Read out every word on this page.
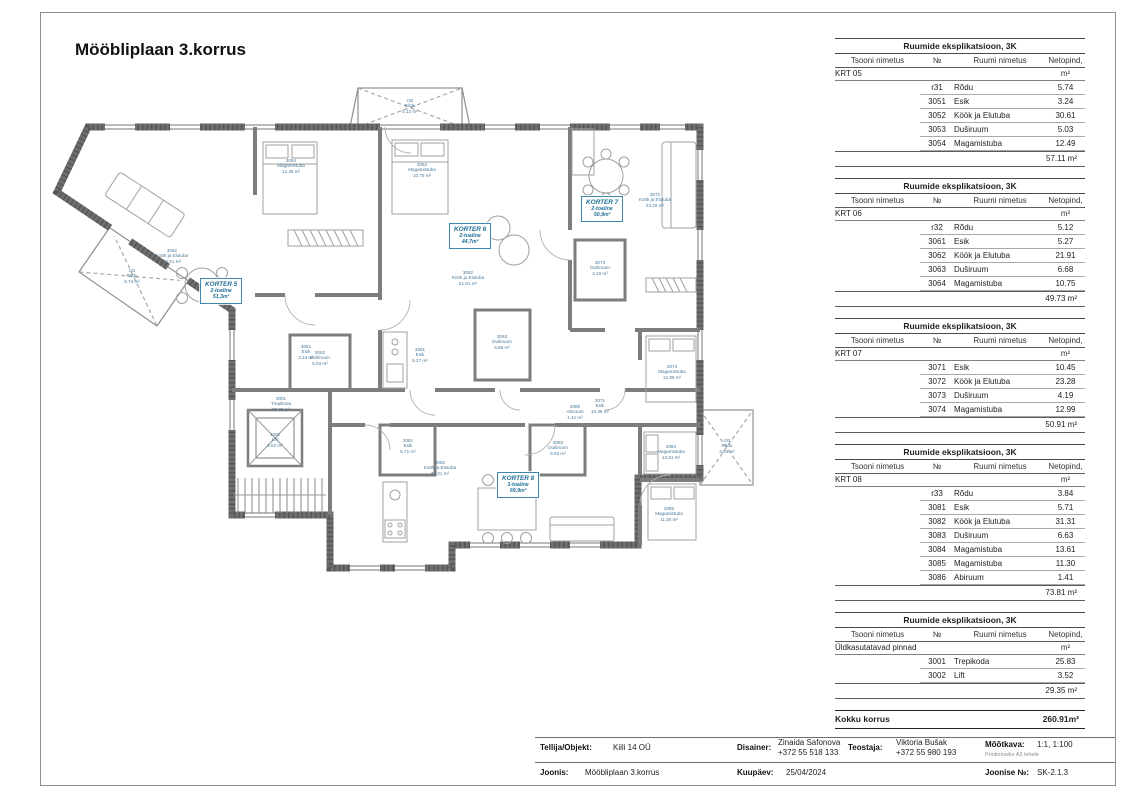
Mööbliplaan 3.korrus
KORTER 5
2-toaline
51,3m²
KORTER 6
2-toaline
44,7m²
KORTER 7
2-toaline
50,9m²
KORTER 8
3-toaline
69,9m²
r31
Rõdu
5.74 m²
3052
Köök ja Elutuba
30.61 m²
3054
Magamistuba
12.49 m²
3051
Esik
3.24 m²
3053
Duširuum
5.03 m²
r32
Rõdu
5.12 m²
3064
Magamistuba
10.75 m²
3062
Köök ja Elutuba
21.91 m²
3061
Esik
5.27 m²
3063
Duširuum
6.68 m²
3072
Köök ja Elutuba
23.28 m²
3073
Duširuum
4.19 m²
3071
Esik
10.45 m²
3074
Magamistuba
12.99 m²
3084
Magamistuba
13.61 m²
3085
Magamistuba
11.30 m²
3082
Köök ja Elutuba
31.31 m²
3081
Esik
5.71 m²
3083
Duširuum
6.63 m²
3086
Abiruum
1.41 m²
3001
Trepikoda
25.83 m²
3002
Lift
3.52 m²
r33
Rõdu
3.84 m²
Ruumide eksplikatsioon, 3K
Tsooni nimetus	№	Ruumi nimetus	Netopind, m²
KRT 05
r31	Rõdu	5.74
3051	Esik	3.24
3052	Köök ja Elutuba	30.61
3053	Duširuum	5.03
3054	Magamistuba	12.49
57.11 m²
Ruumide eksplikatsioon, 3K
Tsooni nimetus	№	Ruumi nimetus	Netopind, m²
KRT 06
r32	Rõdu	5.12
3061	Esik	5.27
3062	Köök ja Elutuba	21.91
3063	Duširuum	6.68
3064	Magamistuba	10.75
49.73 m²
Ruumide eksplikatsioon, 3K
Tsooni nimetus	№	Ruumi nimetus	Netopind, m²
KRT 07
3071	Esik	10.45
3072	Köök ja Elutuba	23.28
3073	Duširuum	4.19
3074	Magamistuba	12.99
50.91 m²
Ruumide eksplikatsioon, 3K
Tsooni nimetus	№	Ruumi nimetus	Netopind, m²
KRT 08
r33	Rõdu	3.84
3081	Esik	5.71
3082	Köök ja Elutuba	31.31
3083	Duširuum	6.63
3084	Magamistuba	13.61
3085	Magamistuba	11.30
3086	Abiruum	1.41
73.81 m²
Ruumide eksplikatsioon, 3K
Tsooni nimetus	№	Ruumi nimetus	Netopind, m²
Üldkasutatavad pinnad
3001	Trepikoda	25.83
3002	Lift	3.52
29.35 m²
Kokku korrus	260.91m²
Tellija/Objekt:	Kiili 14 OÜ	Disainer:
Zinaida Safonova
+372 55 518 133
Teostaja:
Viktoria Bušak
+372 55 980 193
Mõõtkava: 1:1, 1:100
Printimiseks A3 lehele
Joonis: Mööbliplaan 3.korrus	Kuupäev: 25/04/2024	Joonise №: SK-2.1.3
